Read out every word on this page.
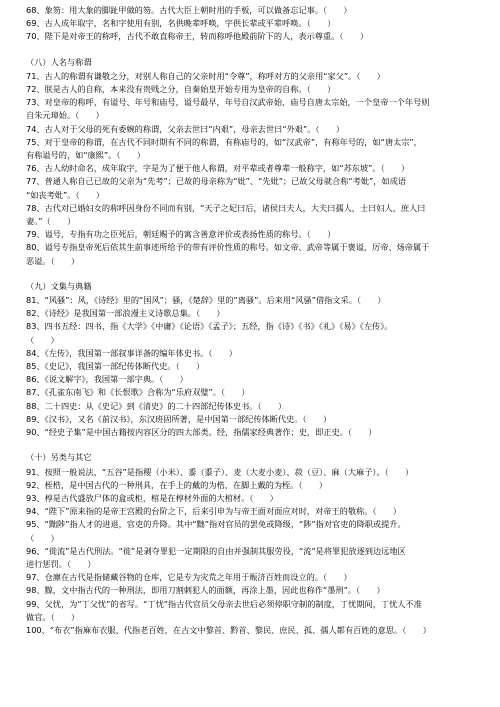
68、象笏：用大象的脚趾甲做的笏。古代大臣上朝时用的手板，可以做备忘记事。（　　）
69、古人成年取字，名和字使用有别，名供晚辈呼唤，字供长辈或平辈呼唤。（　　）
70、陛下是对帝王的称呼，古代不敢直称帝王，转而称呼他殿前阶下的人，表示尊重。（　　）
（八）人名与称谓
71、古人的称谓有谦敬之分，对别人称自己的父亲时用“令尊”，称呼对方的父亲用“家父”。（　　）
72、朕是古人的自称，本来没有贵贱之分，自秦始皇开始专用为皇帝的自称。（　　）
73、对皇帝的称呼，有谥号、年号和庙号，谥号最早，年号自汉武帝始，庙号自唐太宗始，一个皇帝一个年号则
自朱元璋始。（　　）
74、古人对于父母的死有委婉的称谓，父亲去世曰“内艰”，母亲去世曰“外艰”。（　　）
75、对于皇帝的称谓，在古代不同时期有不同的称谓，有称庙号的，如“汉武帝”，有称年号的，如“唐太宗”，
有称谥号的，如“康熙”。（　　）
76、古人幼时命名，成年取字，字是为了便于他人称谓，对平辈或者尊辈一般称字，如“苏东坡”。（　　）
77、普通人称自己已故的父亲为“先考”；已故的母亲称为“妣”、“先妣”；已故父母就合称“考妣”，如成语
“如丧考妣”。（　　）
78、古代对已婚妇女的称呼因身份不同而有别，“天子之妃曰后，诸侯曰夫人，大夫曰孺人，士曰妇人，庶人曰
妻。”（　　）
79、谥号，专指有功之臣死后，朝廷赐予的寓含善意评价或表扬性质的称号。（　　）
80、谥号专指皇帝死后依其生前事迹所给予的带有评价性质的称号。如文帝、武帝等属于褒谥，厉帝、炀帝属于
恶谥。（　　）
（九）文集与典籍
81、“风骚”：风，《诗经》里的“国风”；骚，《楚辞》里的“离骚”。后来用“风骚”借指文采。（　　）
82、《诗经》是我国第一部浪漫主义诗歌总集。（　　）
83、四书五经：四书，指《大学》《中庸》《论语》《孟子》；五经，指《诗》《书》《礼》《易》《左传》。
（　　）
84、《左传》，我国第一部叙事详备的编年体史书。（　　）
85、《史记》，我国第一部纪传体断代史。（　　）
86、《说文解字》，我国第一部字典。（　　）
87、《孔雀东南飞》和《长恨歌》合称为“乐府双璧”。（　　）
88、二十四史：从《史记》到《清史》的二十四部纪传体史书。（　　）
89、《汉书》，又名《前汉书》，东汉班固所著，是中国第一部纪传体断代史。（　　）
90、“经史子集”是中国古籍按内容区分的四大部类。经，指儒家经典著作；史，即正史。（　　）
（十）另类与其它
91、按照一般说法，“五谷”是指稷（小米）、黍（黍子）、麦（大麦小麦）、菽（豆）、麻（大麻子）。（　　）
92、桎梏，是中国古代的一种刑具，在手上的戴的为梏，在脚上戴的为桎。（　　）
93、椁是古代盛放尸体的盒或柜，棺是在椁材外面的大棺材。（　　）
94、“陛下”原来指的是帝王宫殿的台阶之下，后来引申为与帝王面对面应对时，对帝王的敬称。（　　）
95、“黜陟”指人才的进退，官吏的升降。其中“黜”指对官员的罢免或降级，“陟”指对官吏的降职或提升。
（　　）
96、“徙流”是古代刑法。“徙”是剥夺罪犯一定期限的自由并强制其服劳役，“流”是将罪犯放逐到边远地区
进行惩罚。（　　）
97、仓廪在古代是指储藏谷物的仓库，它是专为灾荒之年用于赈济百姓而设立的。（　　）
98、黥，文中指古代的一种刑法，即用刀割刺犯人的面额，再涂上墨，因此也称作“墨刑”。（　　）
99、父忧，为“丁父忧”的省写。“丁忧”指古代官员父母亲去世后必须停职守制的制度，丁忧期间，丁忧人不准
做官。（　　）
100、“布衣”指麻布衣服，代指老百姓，在古文中黎首、黔首、黎民、庶民、孤、孺人都有百姓的意思。（　　）
